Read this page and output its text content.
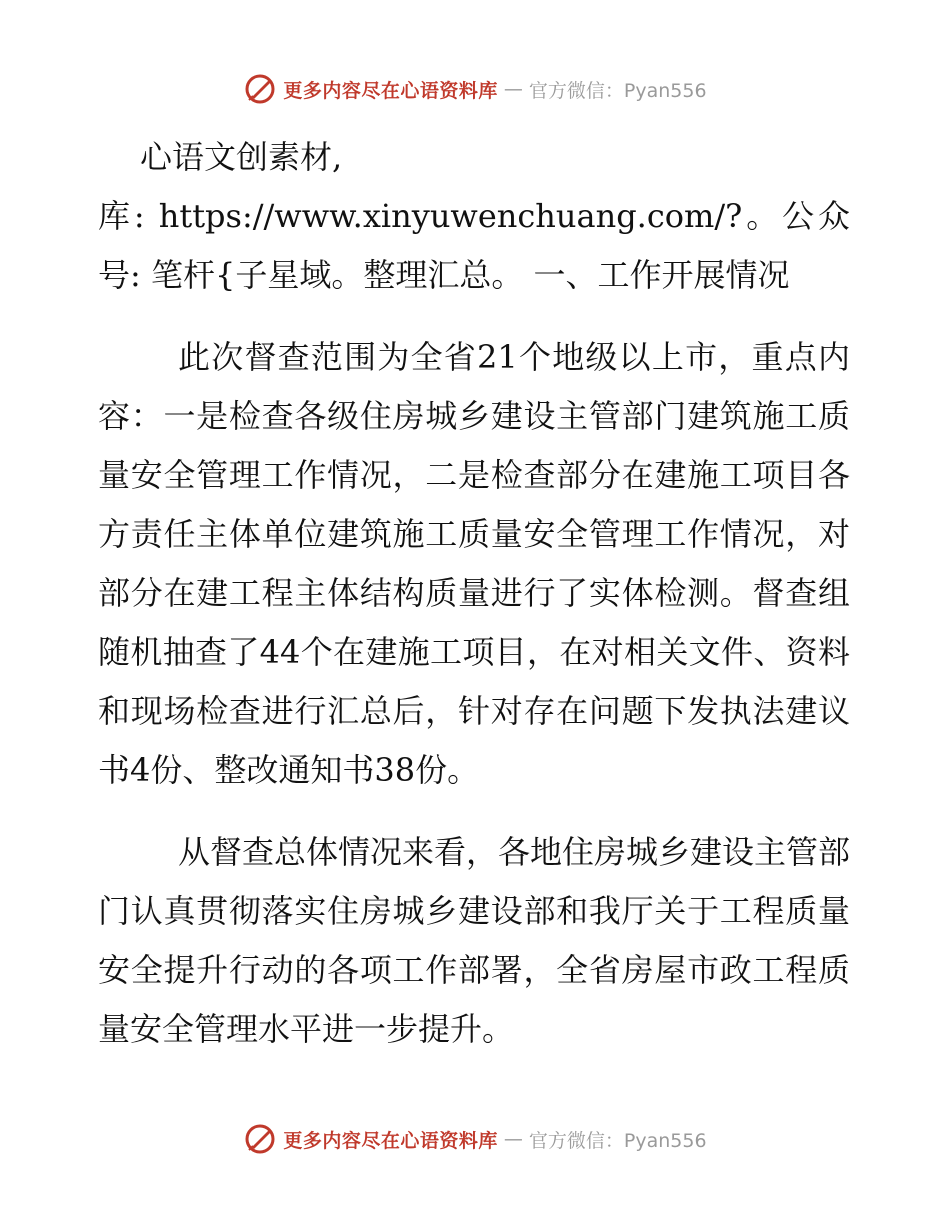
更多内容尽在心语资料库 — 官方微信：Pyan556

心语文创素材,

库: https://www.xinyuwenchuang.com/?。公众号: 笔杆{子星域。整理汇总。 一、工作开展情况

此次督查范围为全省21个地级以上市，重点内容：一是检查各级住房城乡建设主管部门建筑施工质量安全管理工作情况，二是检查部分在建施工项目各方责任主体单位建筑施工质量安全管理工作情况，对部分在建工程主体结构质量进行了实体检测。督查组随机抽查了44个在建施工项目，在对相关文件、资料和现场检查进行汇总后，针对存在问题下发执法建议书4份、整改通知书38份。

从督查总体情况来看，各地住房城乡建设主管部门认真贯彻落实住房城乡建设部和我厅关于工程质量安全提升行动的各项工作部署，全省房屋市政工程质量安全管理水平进一步提升。

更多内容尽在心语资料库 — 官方微信：Pyan556
